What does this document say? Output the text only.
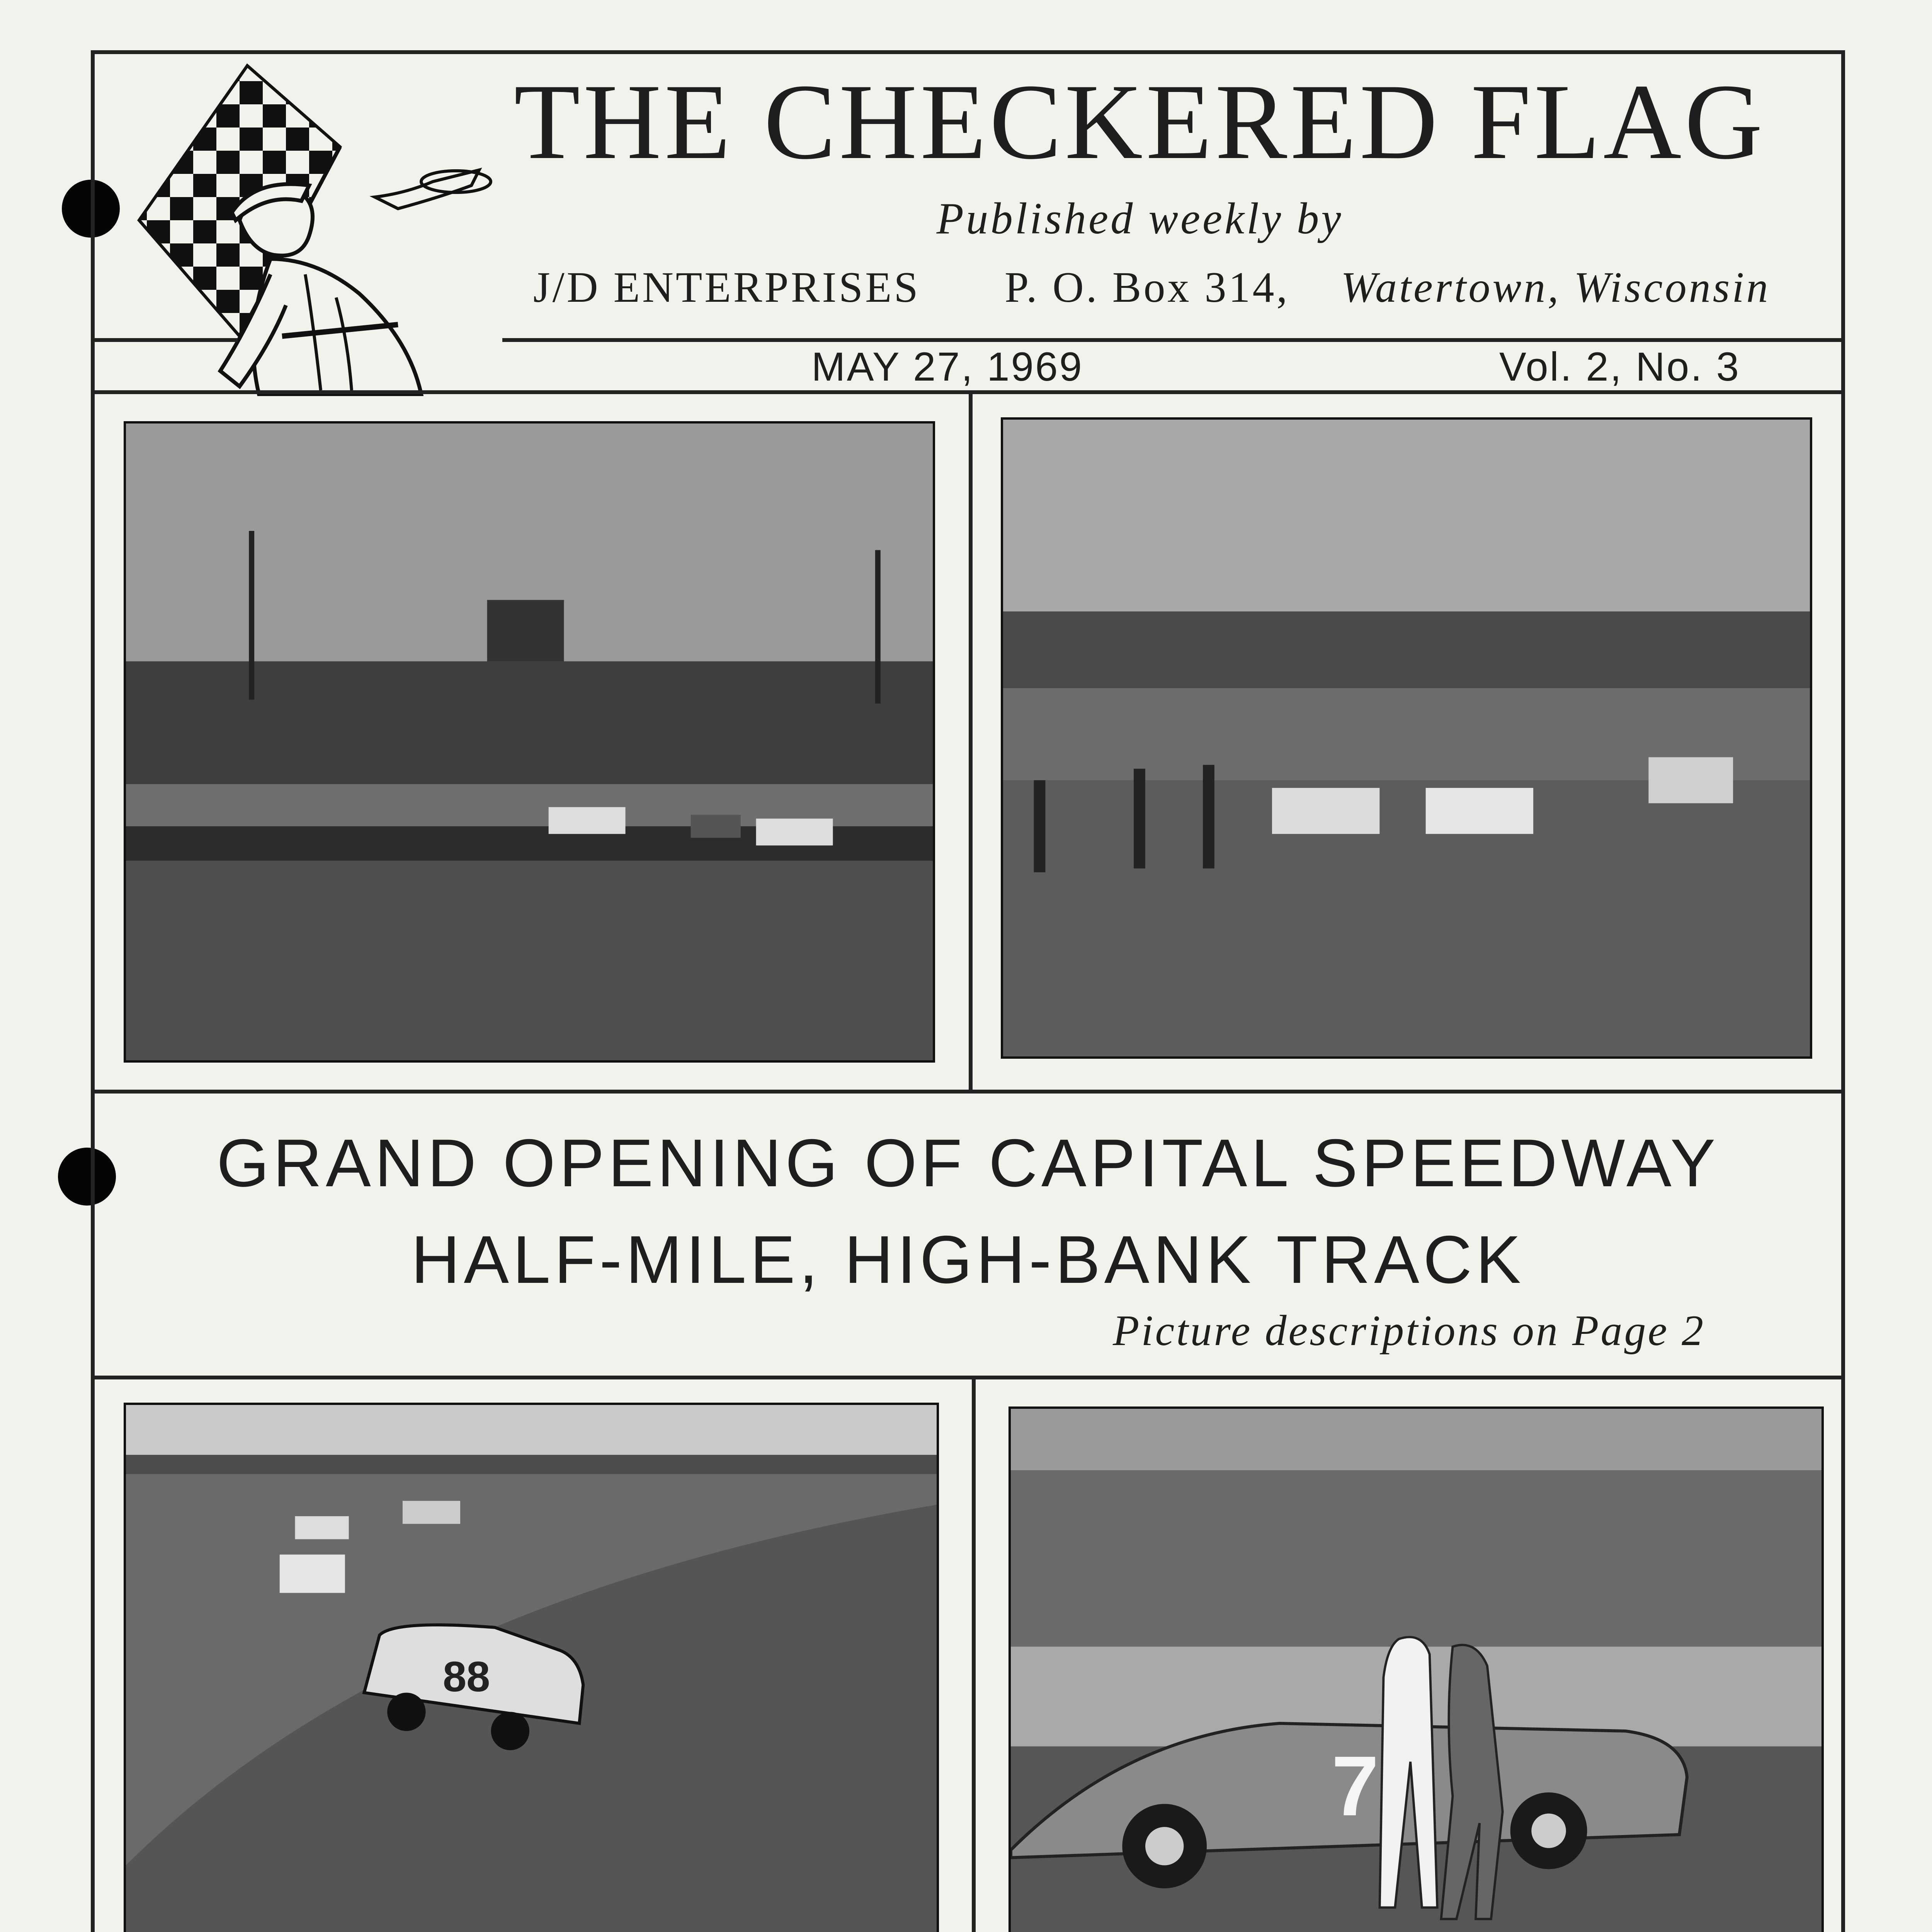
THE CHECKERED FLAG
Published weekly by
J/D ENTERPRISES P. O. Box 314, Watertown, Wisconsin
MAY 27, 1969	Vol. 2, No. 3
GRAND OPENING OF CAPITAL SPEEDWAY
HALF-MILE, HIGH-BANK TRACK
Picture descriptions on Page 2
88
7
